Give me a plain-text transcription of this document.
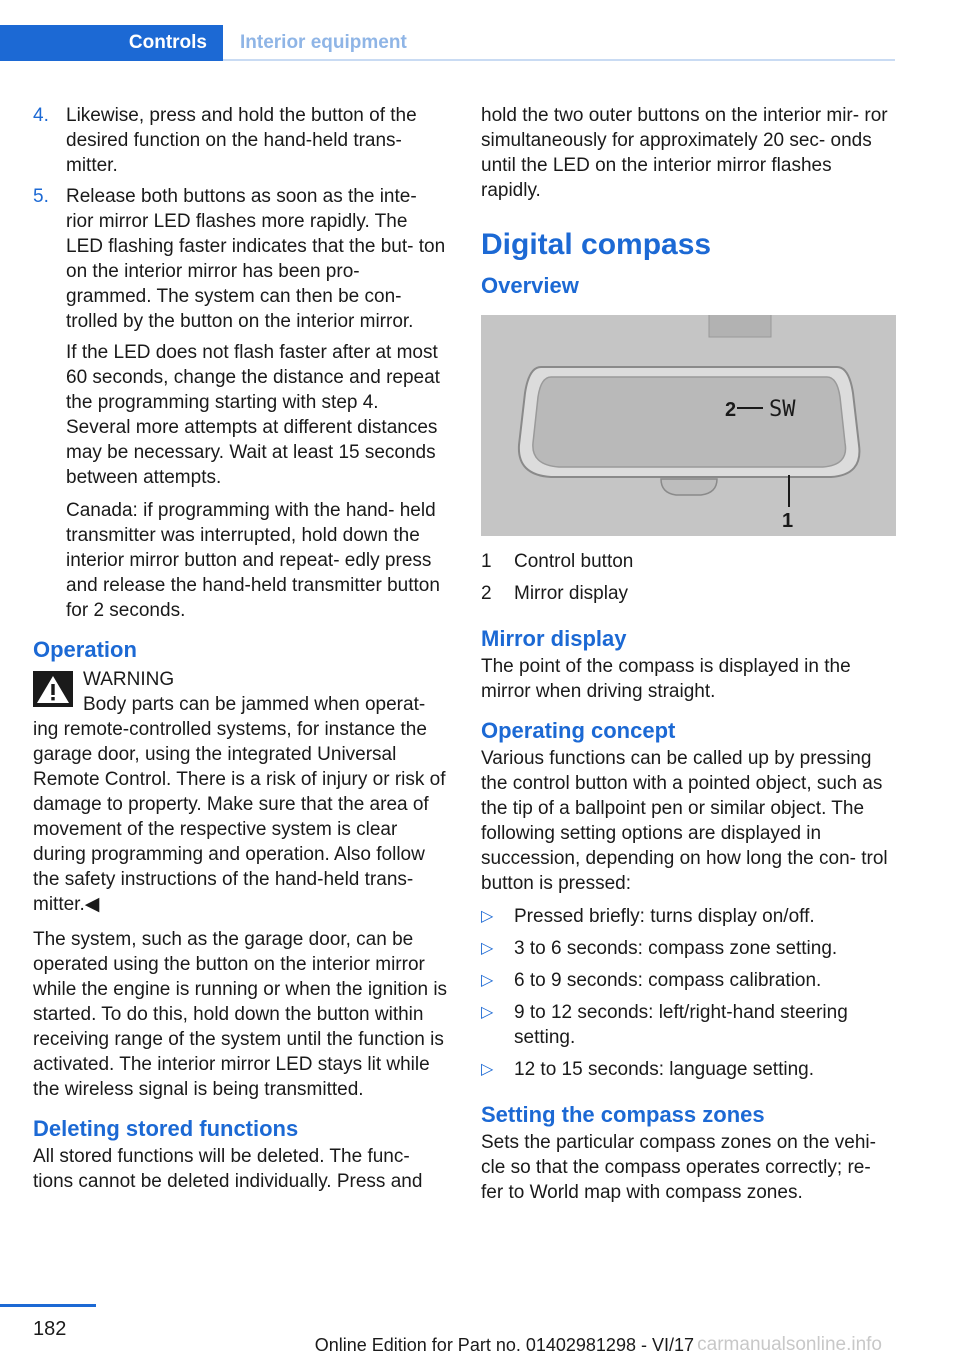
Controls	Interior equipment
4. Likewise, press and hold the button of the desired function on the hand-held trans- mitter.
5. Release both buttons as soon as the inte- rior mirror LED flashes more rapidly. The LED flashing faster indicates that the but- ton on the interior mirror has been pro- grammed. The system can then be con- trolled by the button on the interior mirror.
If the LED does not flash faster after at most 60 seconds, change the distance and repeat the programming starting with step 4. Several more attempts at different distances may be necessary. Wait at least 15 seconds between attempts.
Canada: if programming with the hand- held transmitter was interrupted, hold down the interior mirror button and repeat- edly press and release the hand-held transmitter button for 2 seconds.
Operation
WARNING
Body parts can be jammed when operat- ing remote-controlled systems, for instance the garage door, using the integrated Universal Remote Control. There is a risk of injury or risk of damage to property. Make sure that the area of movement of the respective system is clear during programming and operation. Also follow the safety instructions of the hand-held trans- mitter.◀

The system, such as the garage door, can be operated using the button on the interior mirror while the engine is running or when the ignition is started. To do this, hold down the button within receiving range of the system until the function is activated. The interior mirror LED stays lit while the wireless signal is being transmitted.

Deleting stored functions

All stored functions will be deleted. The func- tions cannot be deleted individually. Press and

hold the two outer buttons on the interior mir- ror simultaneously for approximately 20 sec- onds until the LED on the interior mirror flashes rapidly.

Digital compass
Overview
2 SW
1
1 Control button
2 Mirror display
Mirror display

The point of the compass is displayed in the mirror when driving straight.

Operating concept

Various functions can be called up by pressing the control button with a pointed object, such as the tip of a ballpoint pen or similar object. The following setting options are displayed in succession, depending on how long the con- trol button is pressed:

▷ Pressed briefly: turns display on/off.
▷ 3 to 6 seconds: compass zone setting.
▷ 6 to 9 seconds: compass calibration.
▷ 9 to 12 seconds: left/right-hand steering setting.
▷ 12 to 15 seconds: language setting.
Setting the compass zones

Sets the particular compass zones on the vehi- cle so that the compass operates correctly; re- fer to World map with compass zones.

182
Online Edition for Part no. 01402981298 - VI/17 carmanualsonline.info
